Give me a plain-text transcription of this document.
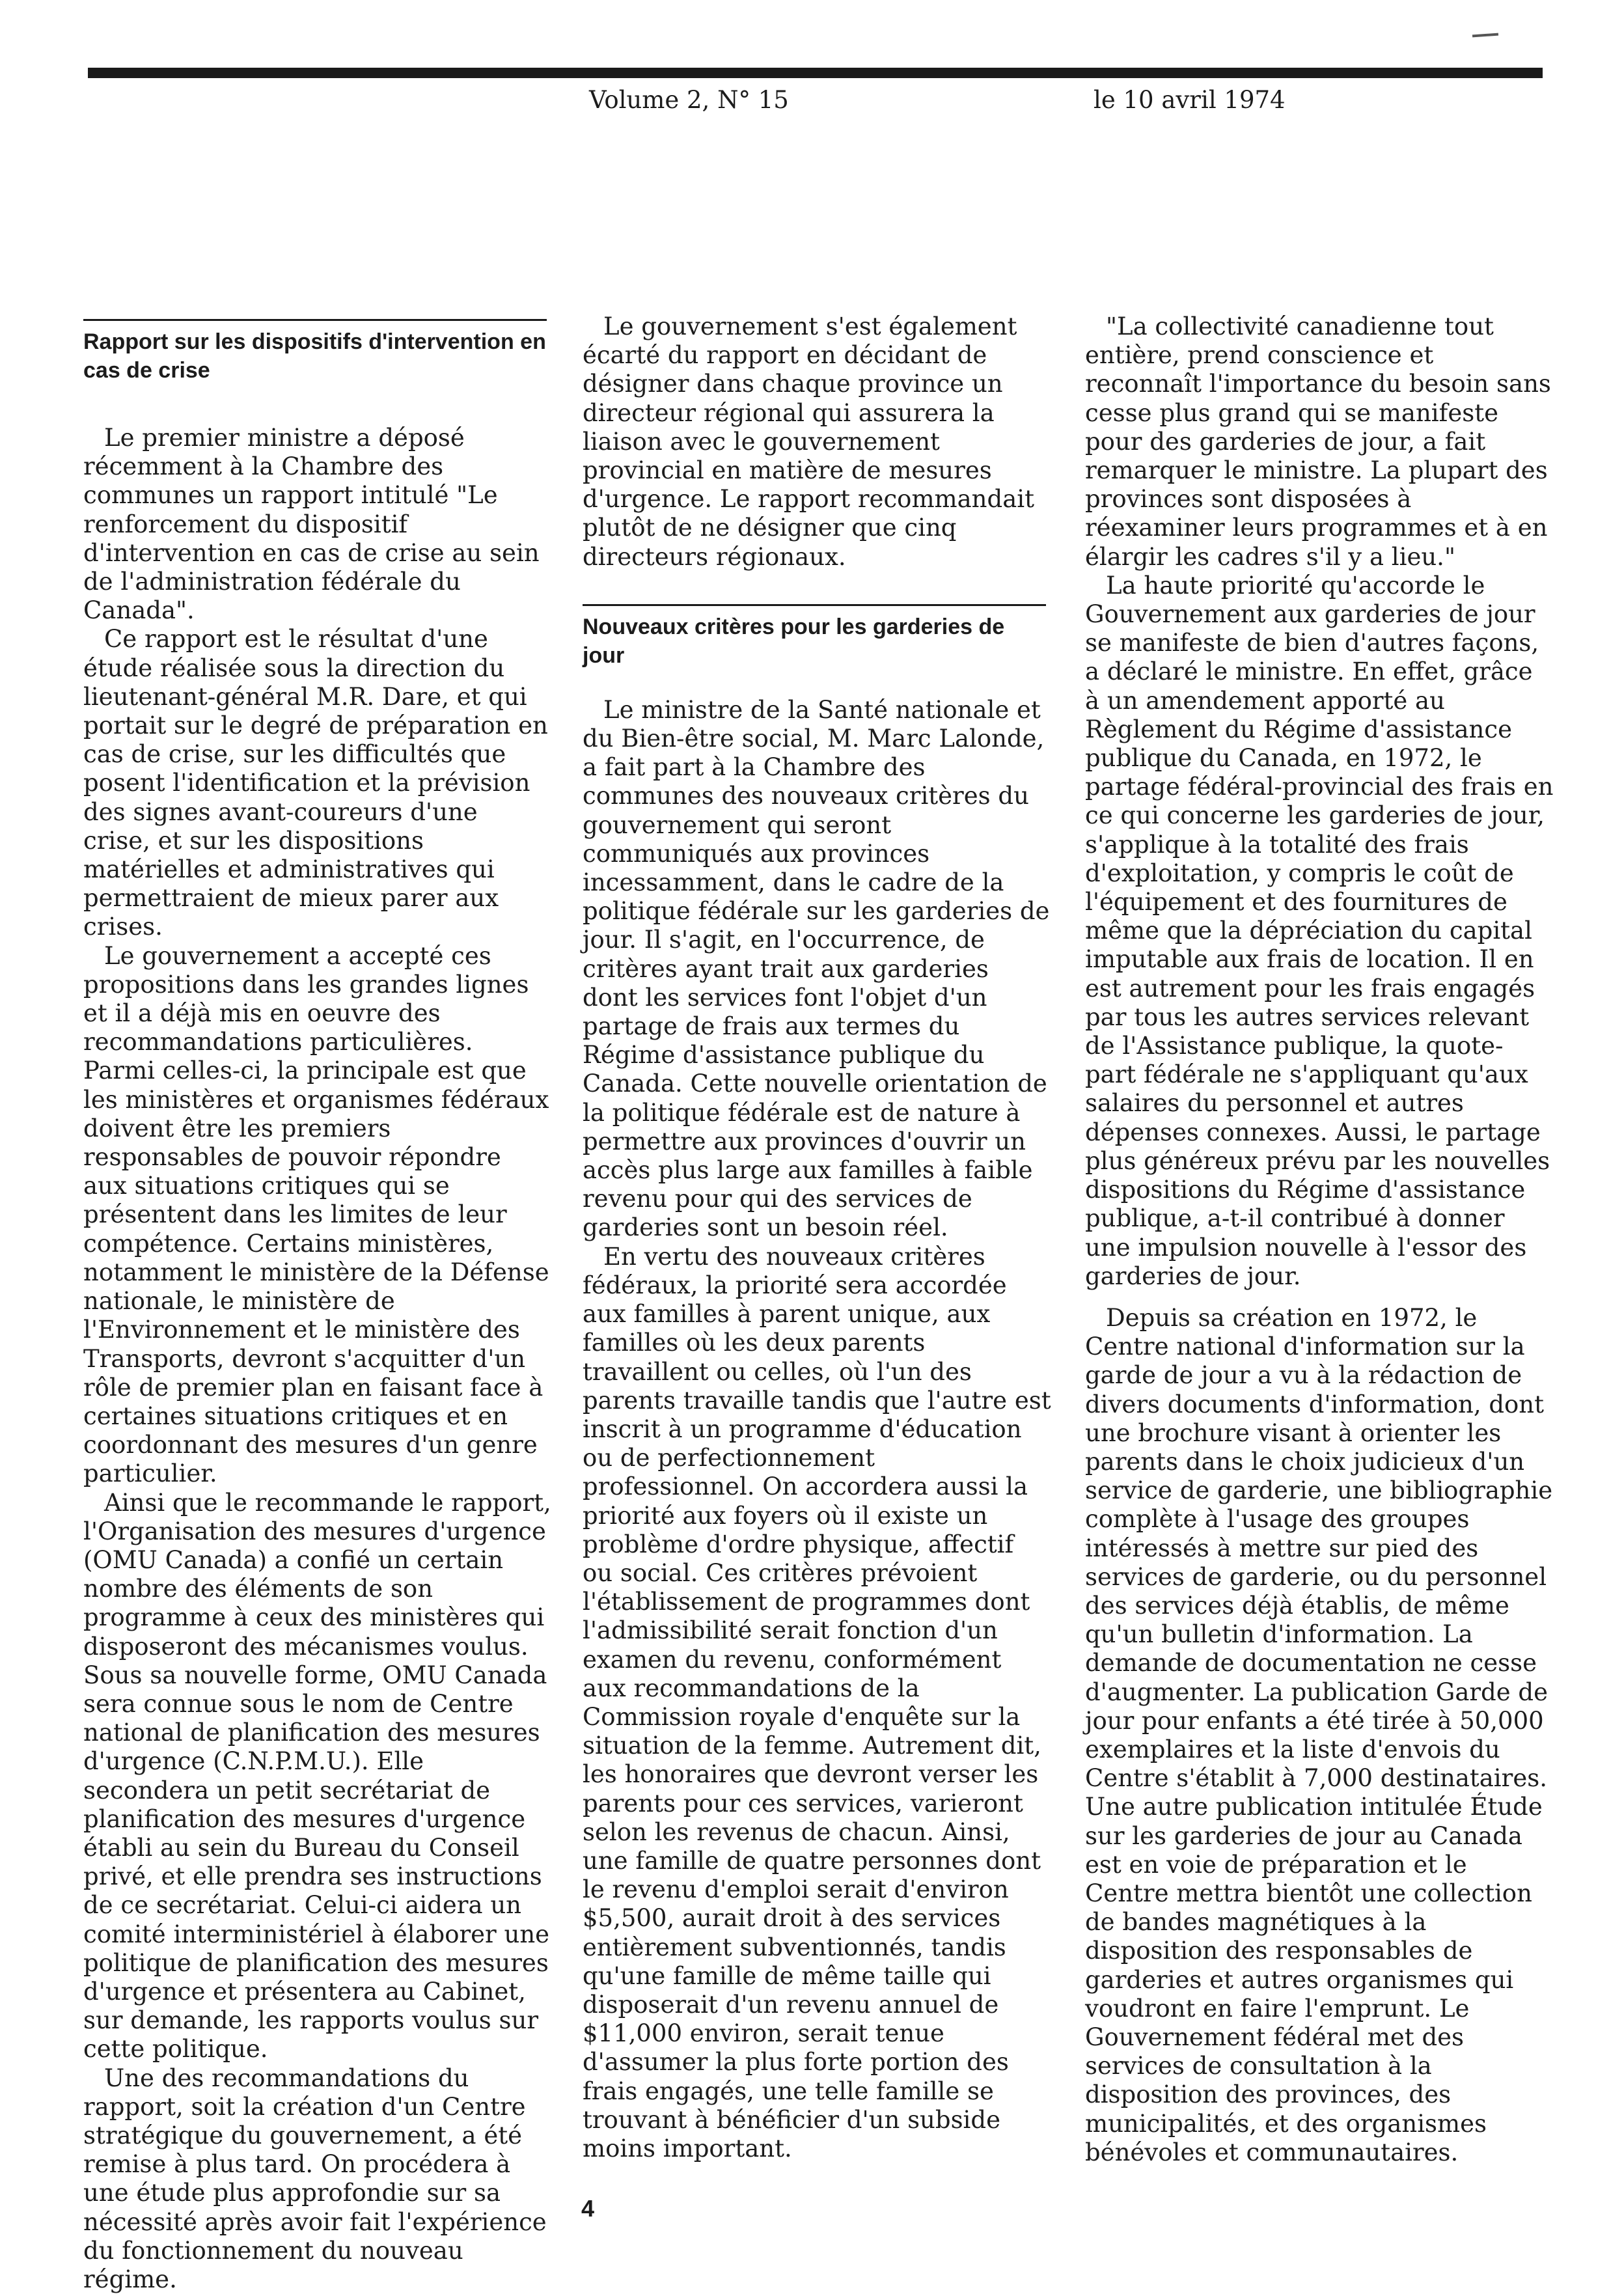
Volume 2, N° 15	le 10 avril 1974
Rapport sur les dispositifs d'intervention en cas de crise

Le premier ministre a déposé récemment à la Chambre des communes un rapport intitulé "Le renforcement du dispositif d'intervention en cas de crise au sein de l'administration fédérale du Canada".

Ce rapport est le résultat d'une étude réalisée sous la direction du lieutenant-général M.R. Dare, et qui portait sur le degré de préparation en cas de crise, sur les difficultés que posent l'identification et la prévision des signes avant-coureurs d'une crise, et sur les dispositions matérielles et administratives qui permettraient de mieux parer aux crises.

Le gouvernement a accepté ces propositions dans les grandes lignes et il a déjà mis en oeuvre des recommandations particulières. Parmi celles-ci, la principale est que les ministères et organismes fédéraux doivent être les premiers responsables de pouvoir répondre aux situations critiques qui se présentent dans les limites de leur compétence. Certains ministères, notamment le ministère de la Défense nationale, le ministère de l'Environnement et le ministère des Transports, devront s'acquitter d'un rôle de premier plan en faisant face à certaines situations critiques et en coordonnant des mesures d'un genre particulier.

Ainsi que le recommande le rapport, l'Organisation des mesures d'urgence (OMU Canada) a confié un certain nombre des éléments de son programme à ceux des ministères qui disposeront des mécanismes voulus. Sous sa nouvelle forme, OMU Canada sera connue sous le nom de Centre national de planification des mesures d'urgence (C.N.P.M.U.). Elle secondera un petit secrétariat de planification des mesures d'urgence établi au sein du Bureau du Conseil privé, et elle prendra ses instructions de ce secrétariat. Celui-ci aidera un comité interministériel à élaborer une politique de planification des mesures d'urgence et présentera au Cabinet, sur demande, les rapports voulus sur cette politique.

Une des recommandations du rapport, soit la création d'un Centre stratégique du gouvernement, a été remise à plus tard. On procédera à une étude plus approfondie sur sa nécessité après avoir fait l'expérience du fonctionnement du nouveau régime.

Le gouvernement s'est également écarté du rapport en décidant de désigner dans chaque province un directeur régional qui assurera la liaison avec le gouvernement provincial en matière de mesures d'urgence. Le rapport recommandait plutôt de ne désigner que cinq directeurs régionaux.

Nouveaux critères pour les garderies de jour

Le ministre de la Santé nationale et du Bien-être social, M. Marc Lalonde, a fait part à la Chambre des communes des nouveaux critères du gouvernement qui seront communiqués aux provinces incessamment, dans le cadre de la politique fédérale sur les garderies de jour. Il s'agit, en l'occurrence, de critères ayant trait aux garderies dont les services font l'objet d'un partage de frais aux termes du Régime d'assistance publique du Canada. Cette nouvelle orientation de la politique fédérale est de nature à permettre aux provinces d'ouvrir un accès plus large aux familles à faible revenu pour qui des services de garderies sont un besoin réel.

En vertu des nouveaux critères fédéraux, la priorité sera accordée aux familles à parent unique, aux familles où les deux parents travaillent ou celles, où l'un des parents travaille tandis que l'autre est inscrit à un programme d'éducation ou de perfectionnement professionnel. On accordera aussi la priorité aux foyers où il existe un problème d'ordre physique, affectif ou social. Ces critères prévoient l'établissement de programmes dont l'admissibilité serait fonction d'un examen du revenu, conformément aux recommandations de la Commission royale d'enquête sur la situation de la femme. Autrement dit, les honoraires que devront verser les parents pour ces services, varieront selon les revenus de chacun. Ainsi, une famille de quatre personnes dont le revenu d'emploi serait d'environ $5,500, aurait droit à des services entièrement subventionnés, tandis qu'une famille de même taille qui disposerait d'un revenu annuel de $11,000 environ, serait tenue d'assumer la plus forte portion des frais engagés, une telle famille se trouvant à bénéficier d'un subside moins important.

"La collectivité canadienne tout entière, prend conscience et reconnaît l'importance du besoin sans cesse plus grand qui se manifeste pour des garderies de jour, a fait remarquer le ministre. La plupart des provinces sont disposées à réexaminer leurs programmes et à en élargir les cadres s'il y a lieu."

La haute priorité qu'accorde le Gouvernement aux garderies de jour se manifeste de bien d'autres façons, a déclaré le ministre. En effet, grâce à un amendement apporté au Règlement du Régime d'assistance publique du Canada, en 1972, le partage fédéral-provincial des frais en ce qui concerne les garderies de jour, s'applique à la totalité des frais d'exploitation, y compris le coût de l'équipement et des fournitures de même que la dépréciation du capital imputable aux frais de location. Il en est autrement pour les frais engagés par tous les autres services relevant de l'Assistance publique, la quote-part fédérale ne s'appliquant qu'aux salaires du personnel et autres dépenses connexes. Aussi, le partage plus généreux prévu par les nouvelles dispositions du Régime d'assistance publique, a-t-il contribué à donner une impulsion nouvelle à l'essor des garderies de jour.

Depuis sa création en 1972, le Centre national d'information sur la garde de jour a vu à la rédaction de divers documents d'information, dont une brochure visant à orienter les parents dans le choix judicieux d'un service de garderie, une bibliographie complète à l'usage des groupes intéressés à mettre sur pied des services de garderie, ou du personnel des services déjà établis, de même qu'un bulletin d'information. La demande de documentation ne cesse d'augmenter. La publication Garde de jour pour enfants a été tirée à 50,000 exemplaires et la liste d'envois du Centre s'établit à 7,000 destinataires. Une autre publication intitulée Étude sur les garderies de jour au Canada est en voie de préparation et le Centre mettra bientôt une collection de bandes magnétiques à la disposition des responsables de garderies et autres organismes qui voudront en faire l'emprunt. Le Gouvernement fédéral met des services de consultation à la disposition des provinces, des municipalités, et des organismes bénévoles et communautaires.

4
